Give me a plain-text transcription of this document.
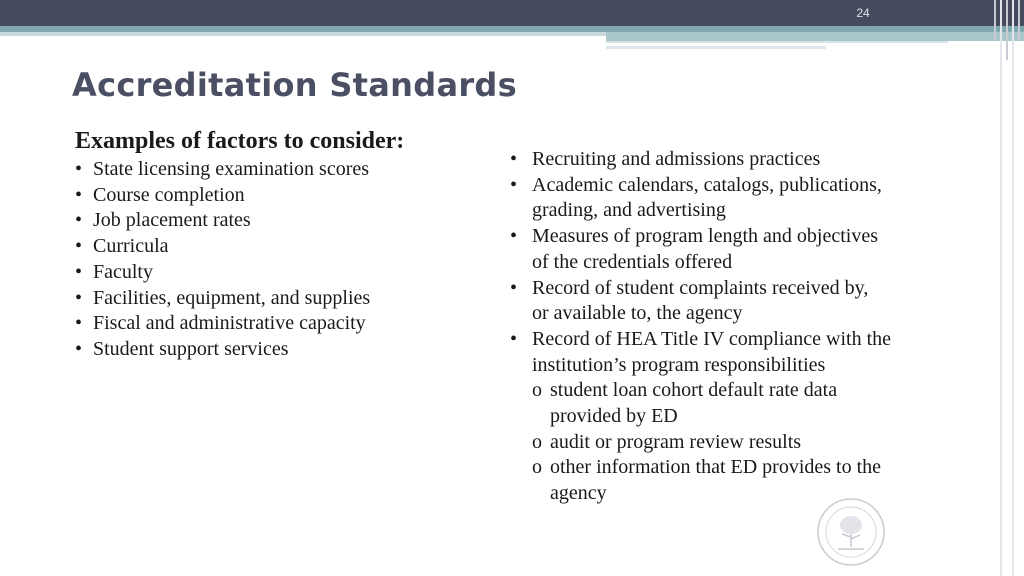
24
Accreditation Standards
Examples of factors to consider:
• State licensing examination scores
• Course completion
• Job placement rates
• Curricula
• Faculty
• Facilities, equipment, and supplies
• Fiscal and administrative capacity
• Student support services
• Recruiting and admissions practices
• Academic calendars, catalogs, publications,
grading, and advertising
• Measures of program length and objectives
of the credentials offered
• Record of student complaints received by,
or available to, the agency
• Record of HEA Title IV compliance with the
institution’s program responsibilities
o student loan cohort default rate data
provided by ED
o audit or program review results
o other information that ED provides to the
agency
